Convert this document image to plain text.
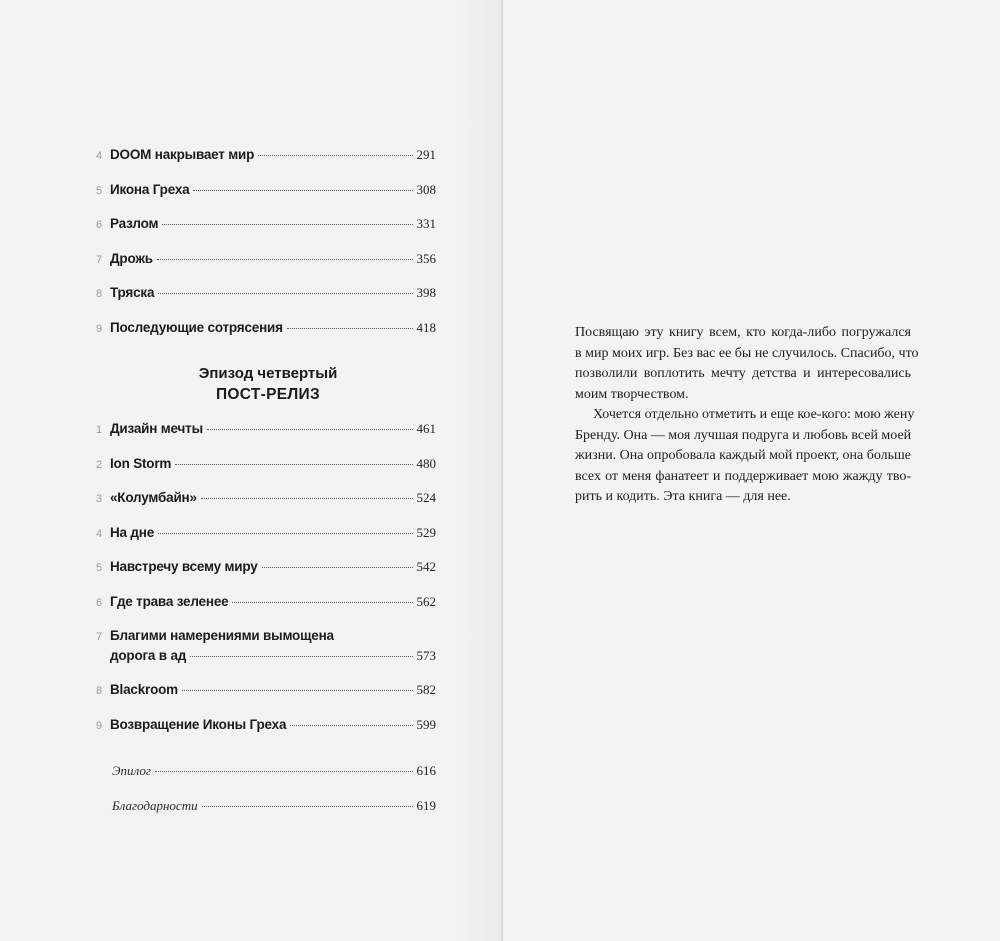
4 DOOM накрывает мир	291
5 Икона Греха	308
6 Разлом	331
7 Дрожь	356
8 Тряска	398
9 Последующие сотрясения	418
Эпизод четвертый
ПОСТ-РЕЛИЗ
1 Дизайн мечты	461
2 Ion Storm	480
3 «Колумбайн»	524
4 На дне	529
5 Навстречу всему миру	542
6 Где трава зеленее	562
7 Благими намерениями вымощена
дорога в ад	573
8 Blackroom	582
9 Возвращение Иконы Греха	599
Эпилог	616
Благодарности	619
Посвящаю эту книгу всем, кто когда-либо погружался
в мир моих игр. Без вас ее бы не случилось. Спасибо, что
позволили воплотить мечту детства и интересовались
моим творчеством.
Хочется отдельно отметить и еще кое-кого: мою жену
Бренду. Она — моя лучшая подруга и любовь всей моей
жизни. Она опробовала каждый мой проект, она больше
всех от меня фанатеет и поддерживает мою жажду тво-
рить и кодить. Эта книга — для нее.
